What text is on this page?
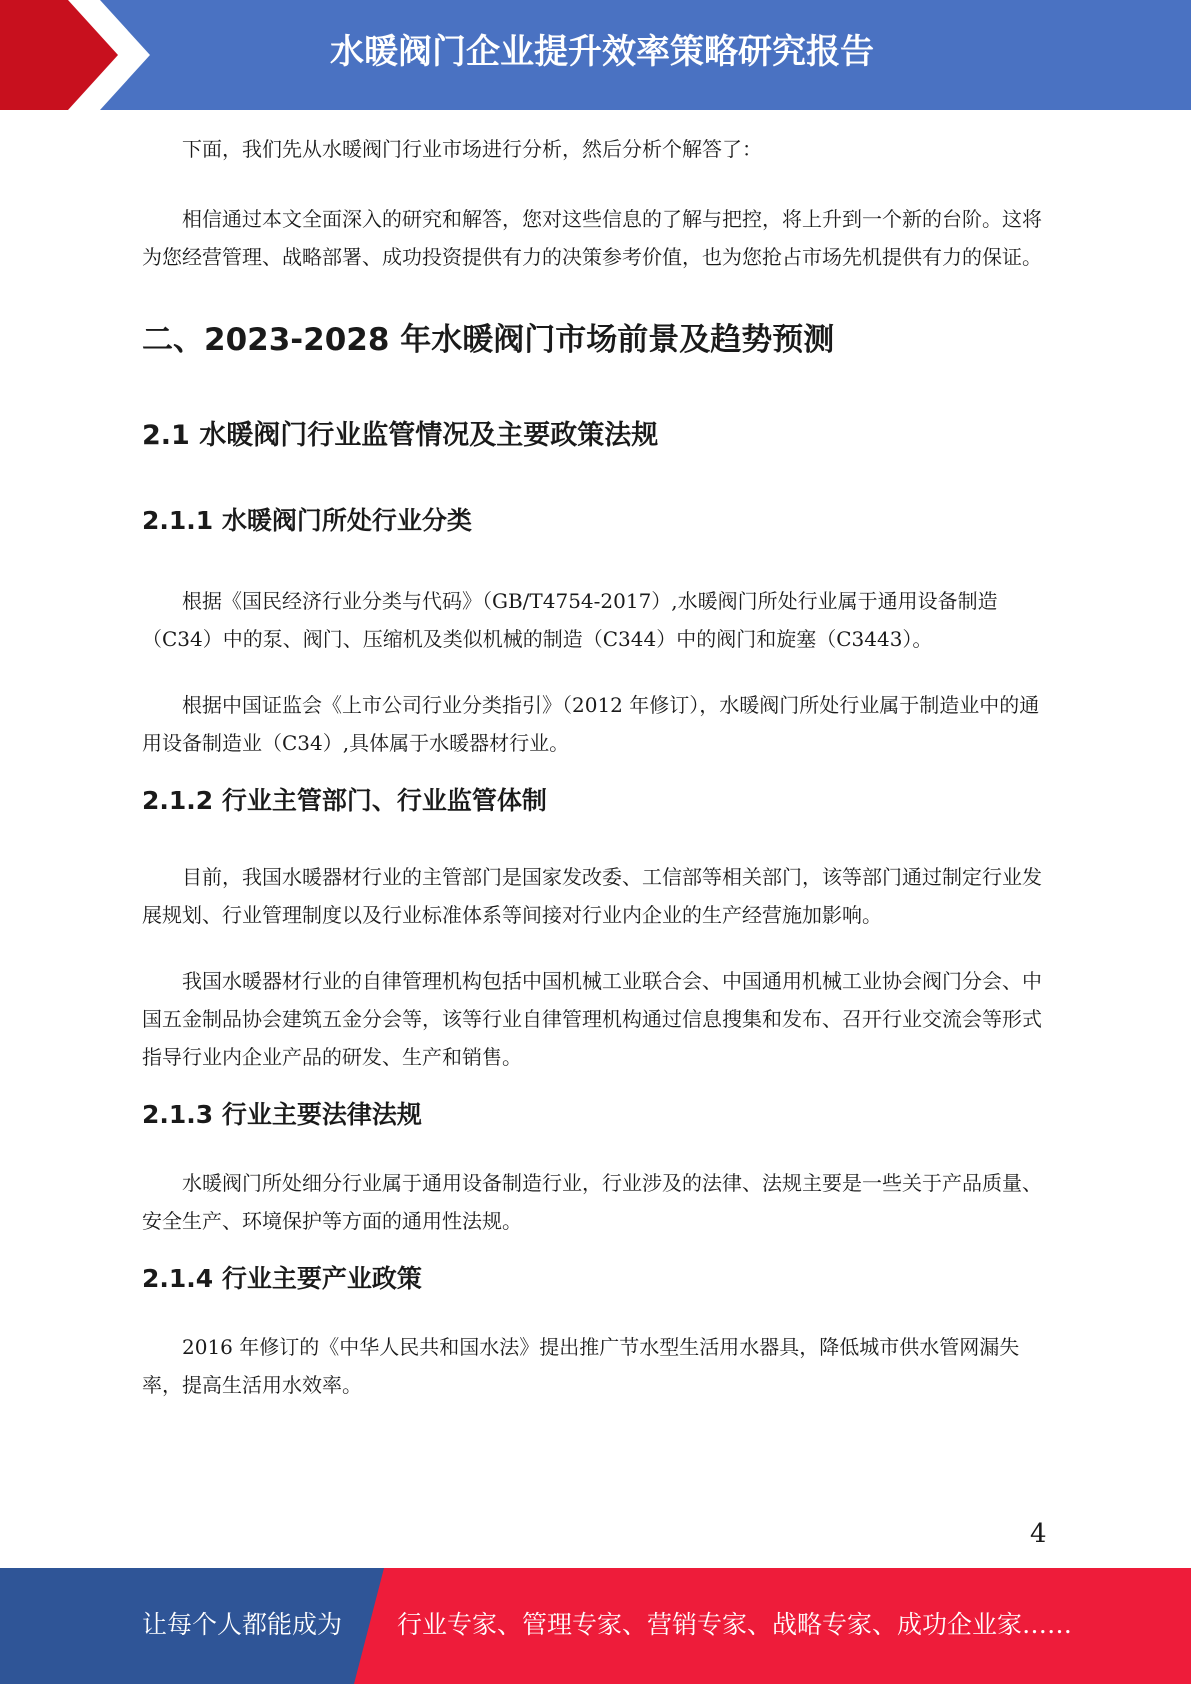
水暖阀门企业提升效率策略研究报告

下面，我们先从水暖阀门行业市场进行分析，然后分析个解答了：

相信通过本文全面深入的研究和解答，您对这些信息的了解与把控，将上升到一个新的台阶。这将为您经营管理、战略部署、成功投资提供有力的决策参考价值，也为您抢占市场先机提供有力的保证。

二、2023-2028 年水暖阀门市场前景及趋势预测
2.1 水暖阀门行业监管情况及主要政策法规
2.1.1 水暖阀门所处行业分类

根据《国民经济行业分类与代码》（GB/T4754-2017）,水暖阀门所处行业属于通用设备制造（C34）中的泵、阀门、压缩机及类似机械的制造（C344）中的阀门和旋塞（C3443）。

根据中国证监会《上市公司行业分类指引》（2012 年修订），水暖阀门所处行业属于制造业中的通用设备制造业（C34）,具体属于水暖器材行业。

2.1.2 行业主管部门、行业监管体制

目前，我国水暖器材行业的主管部门是国家发改委、工信部等相关部门，该等部门通过制定行业发展规划、行业管理制度以及行业标准体系等间接对行业内企业的生产经营施加影响。

我国水暖器材行业的自律管理机构包括中国机械工业联合会、中国通用机械工业协会阀门分会、中国五金制品协会建筑五金分会等，该等行业自律管理机构通过信息搜集和发布、召开行业交流会等形式指导行业内企业产品的研发、生产和销售。

2.1.3 行业主要法律法规

水暖阀门所处细分行业属于通用设备制造行业，行业涉及的法律、法规主要是一些关于产品质量、安全生产、环境保护等方面的通用性法规。

2.1.4 行业主要产业政策

2016 年修订的《中华人民共和国水法》提出推广节水型生活用水器具，降低城市供水管网漏失率，提高生活用水效率。

4
让每个人都能成为 行业专家、管理专家、营销专家、战略专家、成功企业家……
